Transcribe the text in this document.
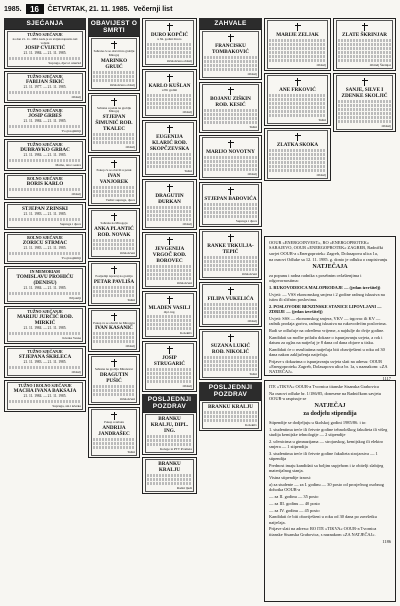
1985.	16	ČETVRTAK, 21. 11. 1985. Večernji list
SJEĆANJA
TUŽNO SJEĆANJE
na dan 21. 11. 1984. kada je za uvijek napustio naš voljeni
JOSIP CVIJETIĆ
21. 11. 1984. — 21. 11. 1985.
Supruga, djeca i unučad
TUŽNO SJEĆANJE
FABIJAN ŠIKIĆ
21. 11. 1977. — 21. 11. 1985.
Obitelj
TUŽNO SJEĆANJE
JOSIP GRBEŠ
21. 11. 1984. — 21. 11. 1985.
Tvoji najmiliji
TUŽNO SJEĆANJE
DUBRAVKO GRBAC
21. 11. 1984. — 21. 11. 1985.
Mama, tata i sestra
BOLNO SJEĆANJE
BORIS KARLO
Obitelj
STJEPAN ZRINSKI
21. 11. 1983. — 21. 11. 1985.
Supruga i djeca
BOLNO SJEĆANJE
ZORICU STRMAC
21. 11. 1983. — 21. 11. 1985.
Tvoji najmiliji
IN MEMORIAM
TOMISLAVU PROHIĆU (DENISU)
21. 11. 1984. — 21. 11. 1985.
Prijatelji
TUŽNO SJEĆANJE
MARIJU JURČIĆ ROĐ. MIRKIĆ
21. 11. 1984. — 21. 11. 1985.
Kćerka Vesna
TUŽNO SJEĆANJE
STJEPANA ŠKRLECA
21. 11. 1983. — 21. 11. 1985.
Obitelj
TUŽNO I BOLNO SJEĆANJE
MACHA IVANA BAKSAJA
21. 11. 1984. — 21. 11. 1985.
Supruga, sin i kćerka
OBAVIJEST O SMRTI
Sahrana će se obaviti na groblju Mirogoj
MARINKO GRUIĆ
Ožalošćena obitelj
Sahrana u petak na groblju Mirogoj
STJEPAN ŠIMUNIĆ ROĐ. TKALEC
Obitelj
Pokop će se obaviti u petak
IVAN VANJOREK
Tužni: supruga, djeca
Sahrana na Mirogoju
ANKA PLANTIĆ ROĐ. NOVAK
Ožalošćeni
Posljednji ispraćaj na groblju
PETAR PAVLIŠA
Tužni
Pokop će se obaviti na Mirogoju
IVAN KASANIĆ
Obitelj
Sahrana na groblju Miroševac
DRAGUTIN PUŠIĆ
Ožalošćeni
Pokop u subotu
ANDRIJA JANDRAŠEC
Tužni
DURO KOPČIĆ
u 84. godini života
Ožalošćena obitelj
KARLO KUŠLAN
u 80. godini
Obitelj
EUGENIJA KLARIĆ ROĐ. SKOPČZEVSKA
Tužni
DRAGUTIN ĐURKAN
Obitelj
JEVGENIJA VRGOČ ROĐ. BOROVEC
Ožalošćeni
MLADEN VASILJ
dipl. ing.
Kolektiv
JOSIP STRUGARIĆ
Obitelj
POSLJEDNJI POZDRAV
BRANKU KRALJU, DIPL. ING.
Kolege iz PTT Prometa
BRANKU KRALJU
Radni ljudi
ZAHVALE
FRANCISKU TOMBAKOVIĆ
Obitelj
BOJANU ZIŠKIN ROĐ. KESIĆ
Tužni
MARIJO NOVOTNY
Obitelj
STJEPAN BAĐOVIĆA
Supruga i djeca
RANKE TRKULJA-TEPIĆ
Ožalošćeni
FILIPA VUKELIĆA
Obitelj
SUZANA LUKIĆ ROĐ. NIKOLIĆ
Tužni
POSLJEDNJI POZDRAV
BRANKU KRALJU
Kolektiv
MARIJE ZELJAK
Obitelj
ANE FRKOVIĆ
Tužni
ZLATKA SKOKA
Obitelj
ZLATE ŠKRINJAR
Obitelj Škrinjar
SANJE, SILVE I ZDENKE SKOLJIĆ
Obitelj

OOUR »ENERGOINVEST«, RO »ENERGOPROTEK« SARAJEVO, OOUR »ENERGOPROTEK« ZAGREB, Radnički savjet OOUR-a »Energoprotek« Zagreb, Dolasapova ulica 1a,

na osnovi Odluke sa 12. 11. 1985. g. donio je odluku o raspisivanju

NATJEČAJA

za popunu i radna radnika s posebnim ovlaštenjima i odgovornostima:

1. RUKOVODIOCA MALOPRODAJE — (jedan izvršitelj)

Uvjeti: — VSS ekonomskog smjera i 2 godine radnog iskustva na istim ili sličnim poslovima.

2. POSLOVOĐE BENZINSKE STANICE LIPOVLJANI — ZDRIJE — (jedan izvršitelj)

Uvjeti: SSS — ekonomskog smjera, VKV — trgovac ili KV — radnik prodaja goriva, radnog iskustva na rukovodećim poslovima.

Radi se odlučuje na određeno vrijeme, a najdulje do dvije godine.

Kandidati uz molbe prilažu dokaze o ispunjavanju uvjeta, a rok i datum za oglas na natječaj je 8 dana od dana objave u tisku.

Kandidati će o rezultatima natječaja biti obaviješteni u roku od 30 dana nakon zaključenja natječaja.

Prijave s dokazima o ispunjavanju uvjeta slati na adresu: OOUR »Energoprotek« Zagreb, Dolasapova ulica br. 1a, s naznakom: »ZA NATJEČAJ«.

1117

ITE »TIKVA« OOUR-a Tvornica titanske Sisanska Grabovica

Na osnovi odluke br. 1/186/85, donesene na Radničkom savjetu OOUR-a raspisuje se

NATJEČAJ

za dodjelu stipendija

Stipendije se dodjeljuju u školskoj godini 1985/86. i to:

1. studentima treće ili četvrte godine tehnološkog fakulteta ili višeg studija kemijske tehnologije — 2 stipendije

2. učenicima u gimnazijama — strojarskog, kemijskog ili elektro smjera — 1 stipendija

3. studentima treće ili četvrte godine fakulteta strojarstva — 1 stipendija

Prednost imaju kandidati sa boljim uspjehom i iz obitelji slabijeg materijalnog stanja.

Visina stipendije iznosi:

a) za studente — za I. godinu — 30 posto od prosječnog osobnog dohotka OOUR-a

— za II. godinu — 35 posto

— za III. godinu — 40 posto

— za IV. godinu — 45 posto

Kandidati će biti obaviješteni u roku od 30 dana po završetku natječaja.

Prijave slati na adresu: RO ITE »TIKVA« OOUR-a Tvornica titanske Sisanska Grabovica, s naznakom »ZA NATJEČAJ«.

1186
